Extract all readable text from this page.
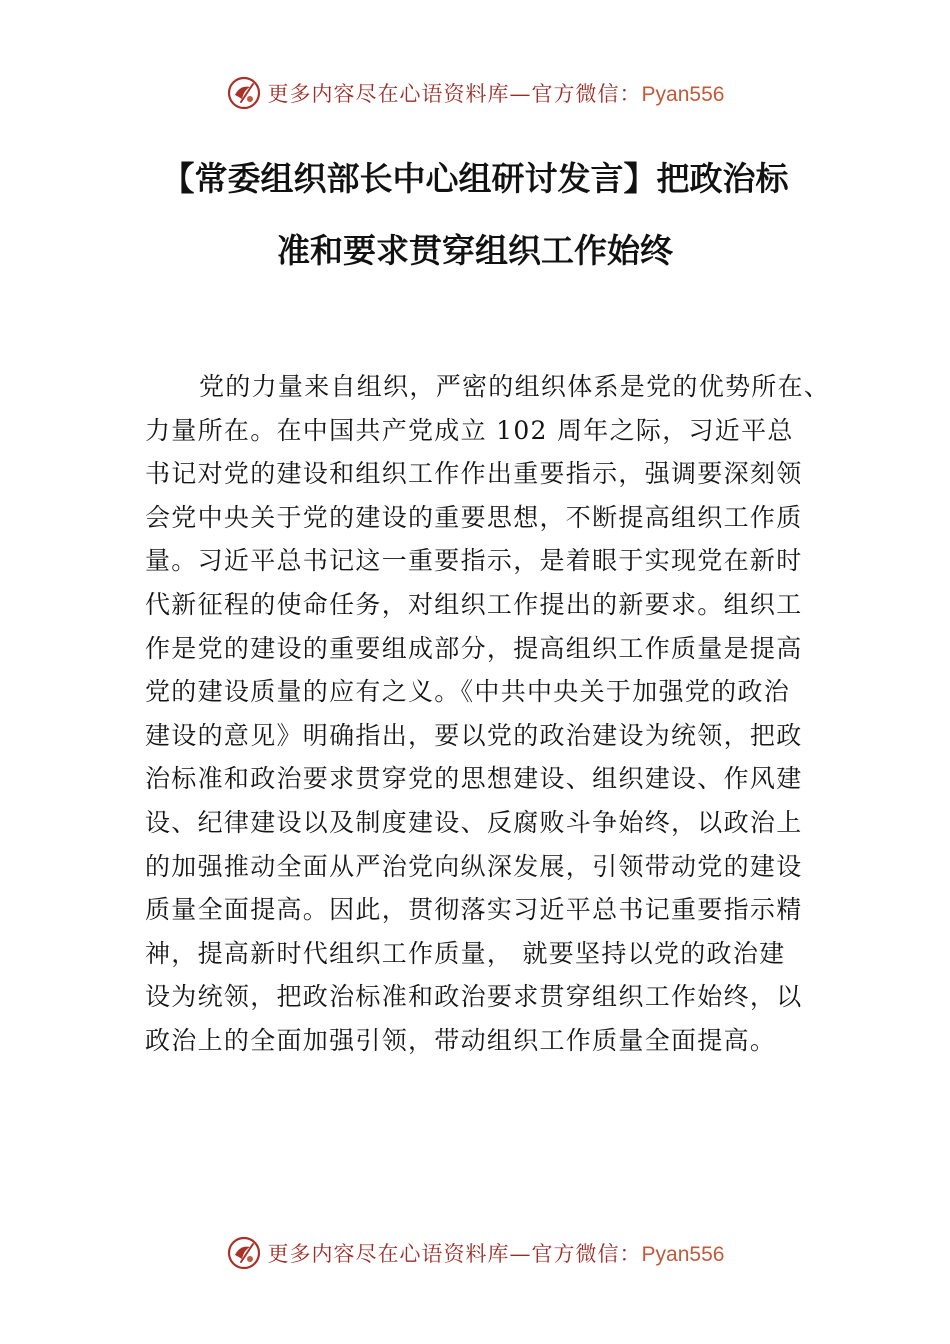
更多内容尽在心语资料库—官方微信：Pyan556
【常委组织部长中心组研讨发言】把政治标
准和要求贯穿组织工作始终
党的力量来自组织，严密的组织体系是党的优势所在、
力量所在。在中国共产党成立 102 周年之际，习近平总
书记对党的建设和组织工作作出重要指示，强调要深刻领
会党中央关于党的建设的重要思想，不断提高组织工作质
量。习近平总书记这一重要指示，是着眼于实现党在新时
代新征程的使命任务，对组织工作提出的新要求。组织工
作是党的建设的重要组成部分，提高组织工作质量是提高
党的建设质量的应有之义。《中共中央关于加强党的政治
建设的意见》明确指出，要以党的政治建设为统领，把政
治标准和政治要求贯穿党的思想建设、组织建设、作风建
设、纪律建设以及制度建设、反腐败斗争始终，以政治上
的加强推动全面从严治党向纵深发展，引领带动党的建设
质量全面提高。因此，贯彻落实习近平总书记重要指示精
神，提高新时代组织工作质量， 就要坚持以党的政治建
设为统领，把政治标准和政治要求贯穿组织工作始终，以
政治上的全面加强引领，带动组织工作质量全面提高。
更多内容尽在心语资料库—官方微信：Pyan556
